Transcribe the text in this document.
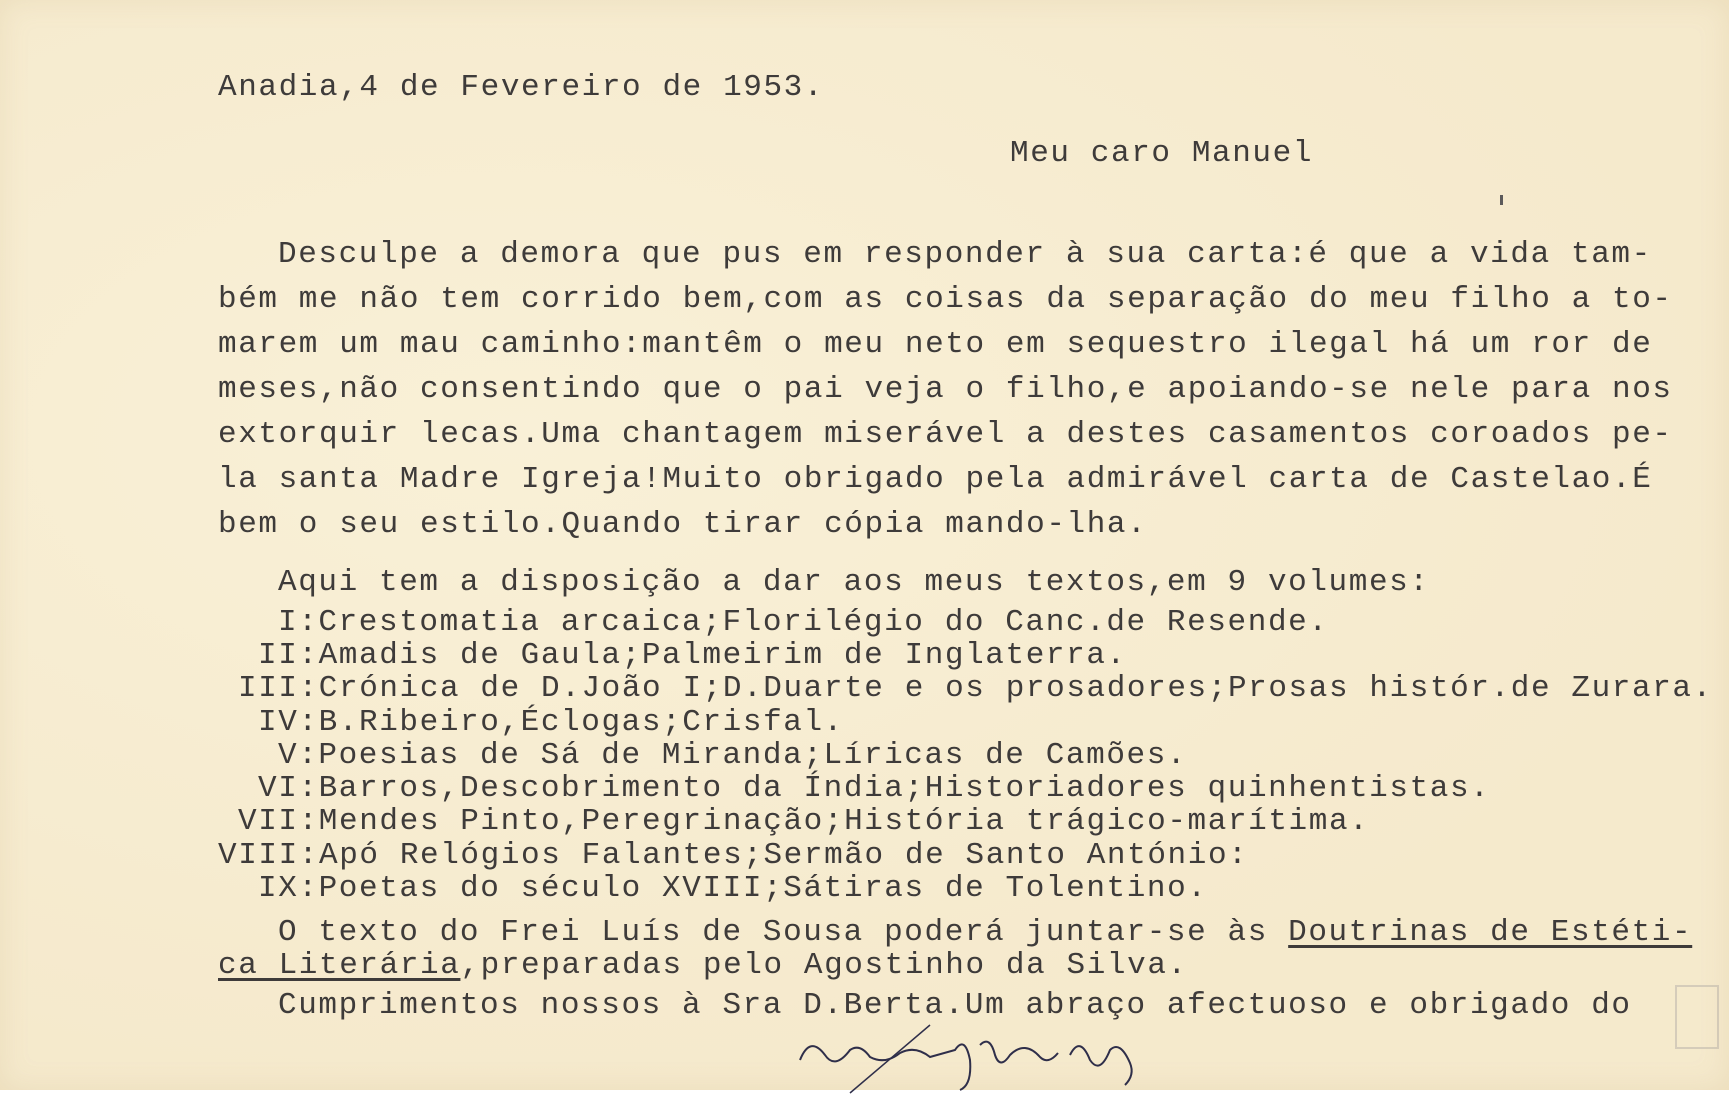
Anadia,4 de Fevereiro de 1953.
Meu caro Manuel
Desculpe a demora que pus em responder à sua carta:é que a vida tam-
bém me não tem corrido bem,com as coisas da separação do meu filho a to-
marem um mau caminho:mantêm o meu neto em sequestro ilegal há um ror de
meses,não consentindo que o pai veja o filho,e apoiando-se nele para nos
extorquir lecas.Uma chantagem miserável a destes casamentos coroados pe-
la santa Madre Igreja!Muito obrigado pela admirável carta de Castelao.É
bem o seu estilo.Quando tirar cópia mando-lha.
Aqui tem a disposição a dar aos meus textos,em 9 volumes:
I:Crestomatia arcaica;Florilégio do Canc.de Resende.
II:Amadis de Gaula;Palmeirim de Inglaterra.
III:Crónica de D.João I;D.Duarte e os prosadores;Prosas histór.de Zurara.
IV:B.Ribeiro,Éclogas;Crisfal.
V:Poesias de Sá de Miranda;Líricas de Camões.
VI:Barros,Descobrimento da Índia;Historiadores quinhentistas.
VII:Mendes Pinto,Peregrinação;História trágico-marítima.
VIII:Apó Relógios Falantes;Sermão de Santo António:
IX:Poetas do século XVIII;Sátiras de Tolentino.
O texto do Frei Luís de Sousa poderá juntar-se às Doutrinas de Estéti-
ca Literária,preparadas pelo Agostinho da Silva.
Cumprimentos nossos à Sra D.Berta.Um abraço afectuoso e obrigado do
